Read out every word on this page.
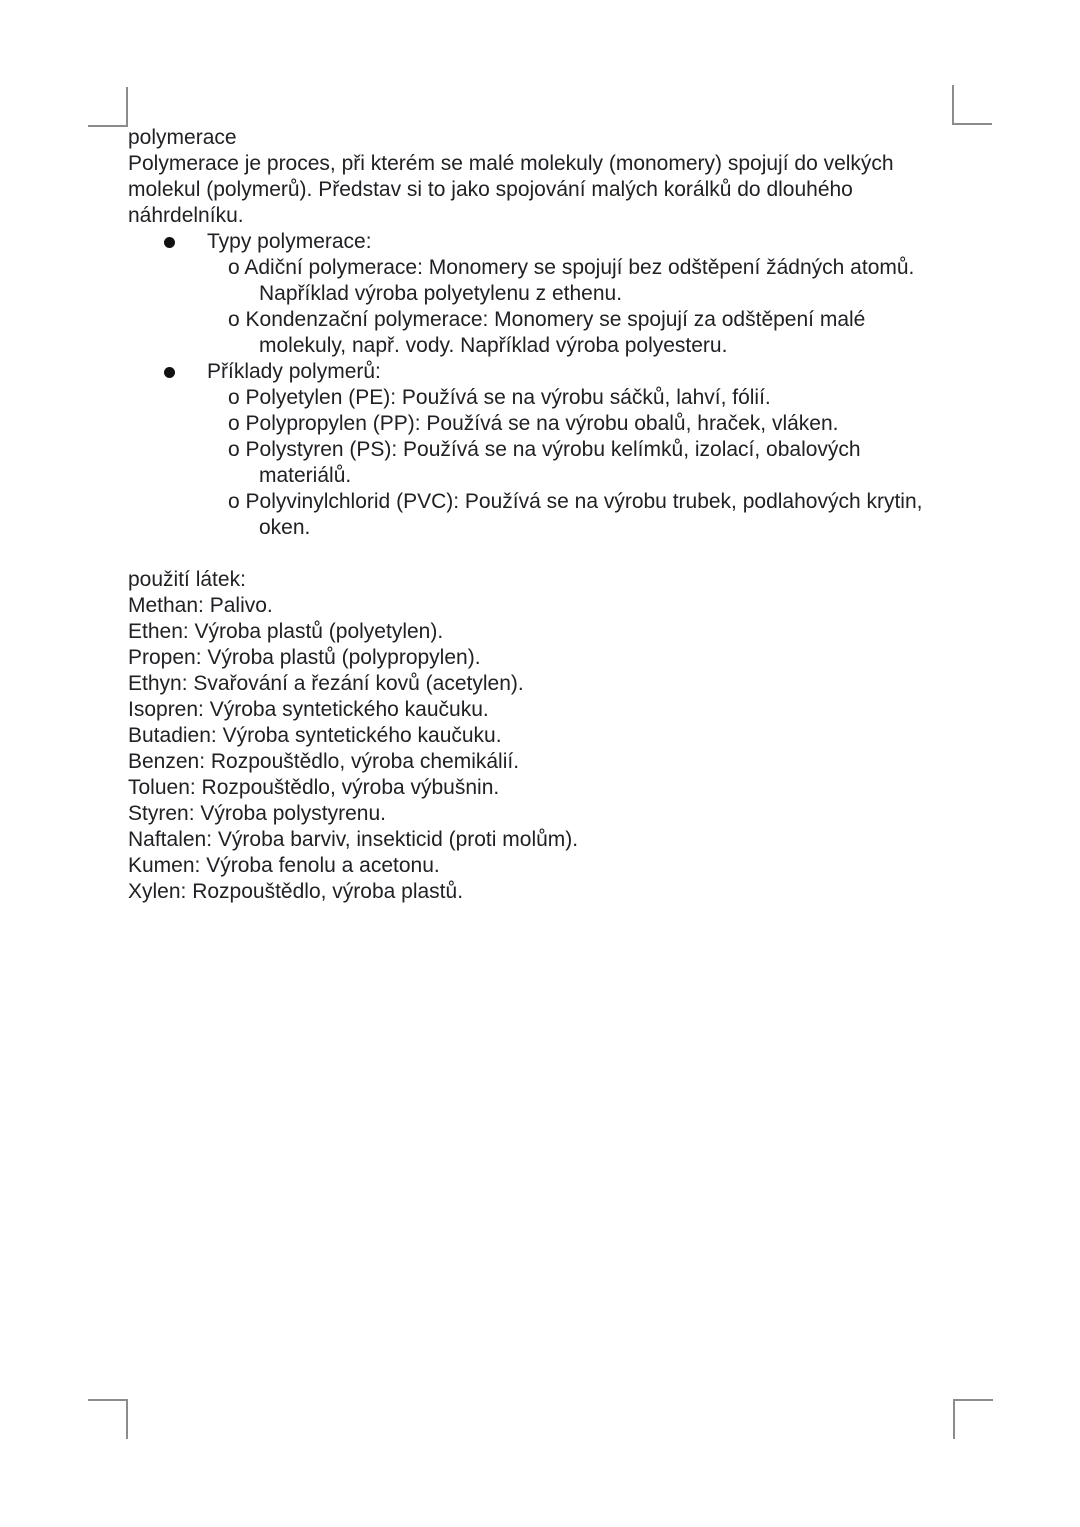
polymerace
Polymerace je proces, při kterém se malé molekuly (monomery) spojují do velkých
molekul (polymerů). Představ si to jako spojování malých korálků do dlouhého
náhrdelníku.
Typy polymerace:
o Adiční polymerace: Monomery se spojují bez odštěpení žádných atomů.
Například výroba polyetylenu z ethenu.
o Kondenzační polymerace: Monomery se spojují za odštěpení malé
molekuly, např. vody. Například výroba polyesteru.
Příklady polymerů:
o Polyetylen (PE): Používá se na výrobu sáčků, lahví, fólií.
o Polypropylen (PP): Používá se na výrobu obalů, hraček, vláken.
o Polystyren (PS): Používá se na výrobu kelímků, izolací, obalových
materiálů.
o Polyvinylchlorid (PVC): Používá se na výrobu trubek, podlahových krytin,
oken.
použití látek:
Methan: Palivo.
Ethen: Výroba plastů (polyetylen).
Propen: Výroba plastů (polypropylen).
Ethyn: Svařování a řezání kovů (acetylen).
Isopren: Výroba syntetického kaučuku.
Butadien: Výroba syntetického kaučuku.
Benzen: Rozpouštědlo, výroba chemikálií.
Toluen: Rozpouštědlo, výroba výbušnin.
Styren: Výroba polystyrenu.
Naftalen: Výroba barviv, insekticid (proti molům).
Kumen: Výroba fenolu a acetonu.
Xylen: Rozpouštědlo, výroba plastů.
